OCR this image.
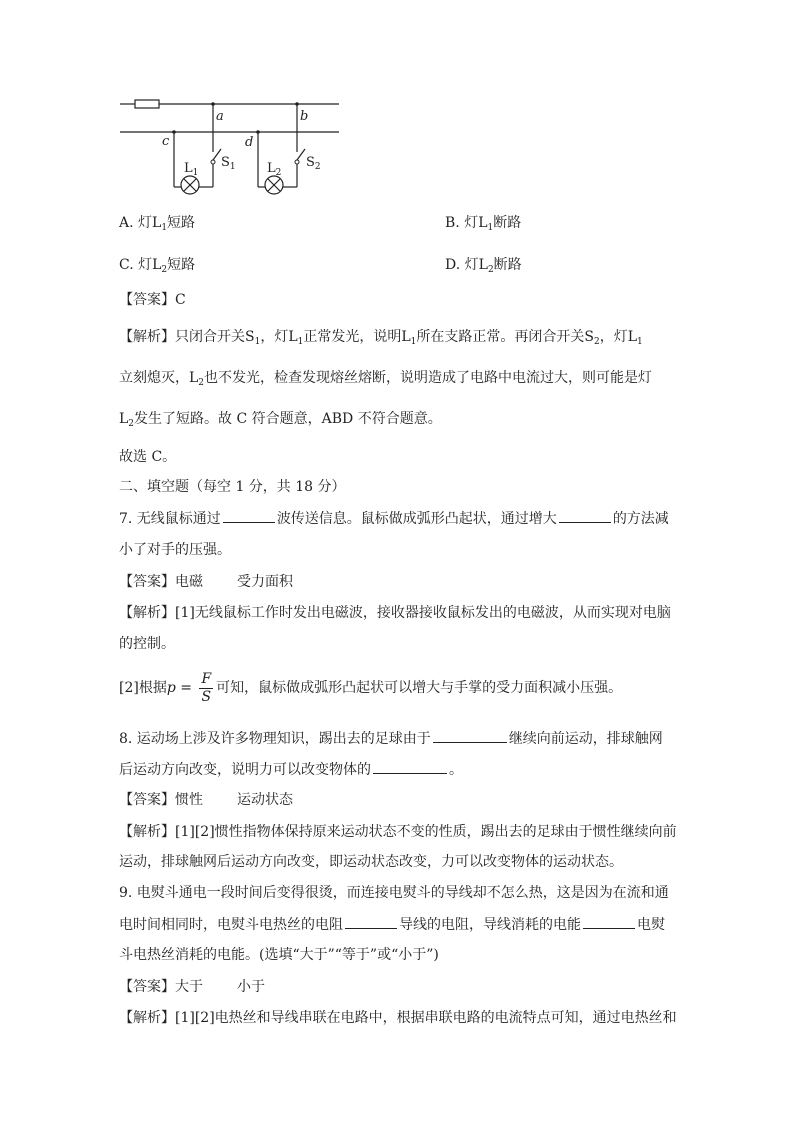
a	b
c	d
$L_1$
$S_1$ $L_2$
$S_2$
A. 灯$L_1$短路	B. 灯$L_1$断路
C. 灯$L_2$短路	D. 灯$L_2$断路
【答案】C
【解析】只闭合开关$S_1$，灯$L_1$正常发光，说明$L_1$所在支路正常。再闭合开关$S_2$，灯$L_1$
立刻熄灭，$L_2$也不发光，检查发现熔丝熔断，说明造成了电路中电流过大，则可能是灯
$L_2$发生了短路。故 C 符合题意，ABD 不符合题意。
故选 C。
二、填空题（每空 1 分，共 18 分）
7. 无线鼠标通过	波传送信息。鼠标做成弧形凸起状，通过增大	的方法减
小了对手的压强。
【答案】电磁 受力面积
【解析】[1]无线鼠标工作时发出电磁波，接收器接收鼠标发出的电磁波，从而实现对电脑
的控制。
[2]根据$p = \frac{F}{S}$ 可知，鼠标做成弧形凸起状可以增大与手掌的受力面积减小压强。
8. 运动场上涉及许多物理知识，踢出去的足球由于	继续向前运动，排球触网
后运动方向改变，说明力可以改变物体的	。
【答案】惯性 运动状态
【解析】[1][2]惯性指物体保持原来运动状态不变的性质，踢出去的足球由于惯性继续向前
运动，排球触网后运动方向改变，即运动状态改变，力可以改变物体的运动状态。
9. 电熨斗通电一段时间后变得很烫，而连接电熨斗的导线却不怎么热，这是因为在流和通
电时间相同时，电熨斗电热丝的电阻	导线的电阻，导线消耗的电能	电熨
斗电热丝消耗的电能。(选填“大于”“等于”或“小于”)
【答案】大于 小于
【解析】[1][2]电热丝和导线串联在电路中，根据串联电路的电流特点可知，通过电热丝和
